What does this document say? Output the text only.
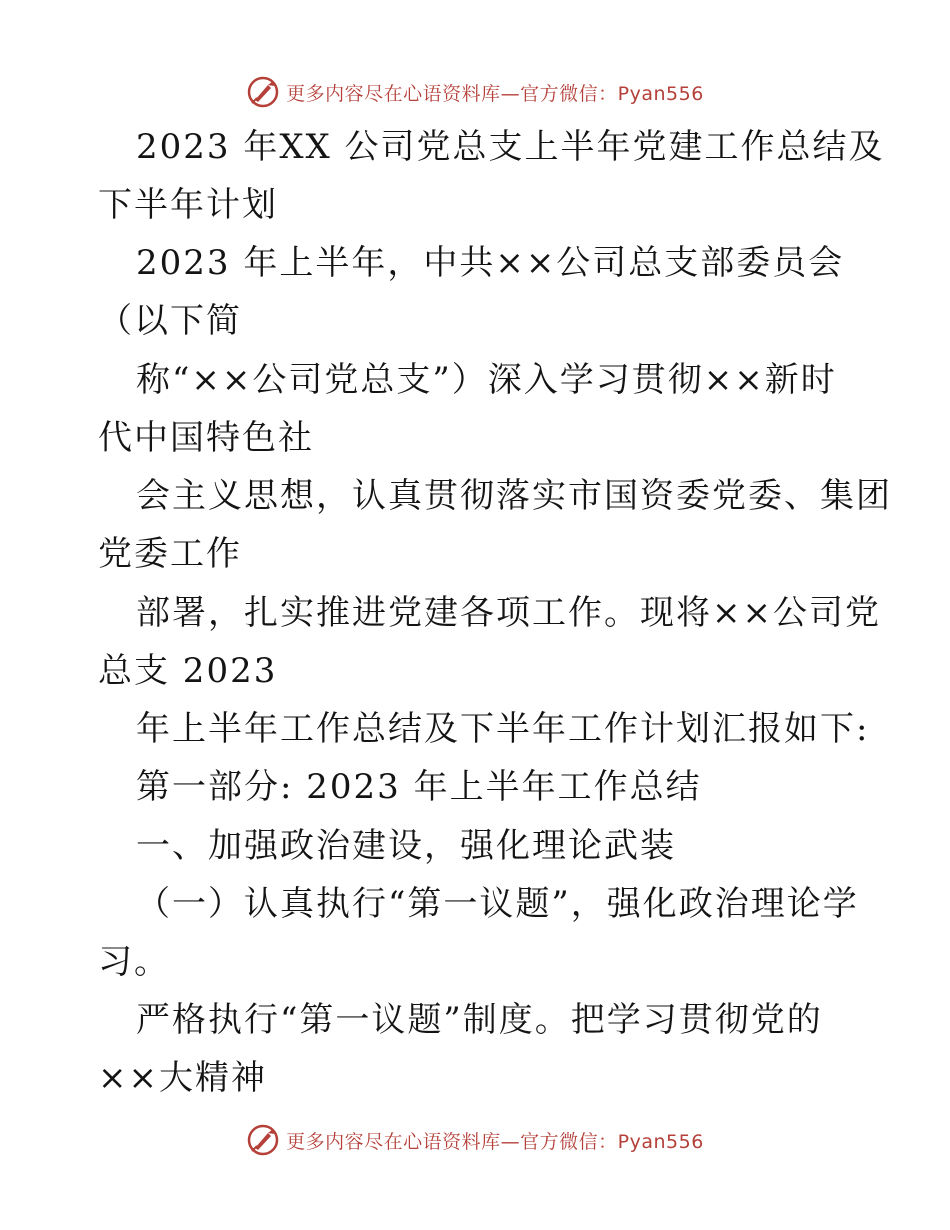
更多内容尽在心语资料库—官方微信：Pyan556
2023 年XX 公司党总支上半年党建工作总结及
下半年计划
2023 年上半年，中共××公司总支部委员会
（以下简
称“××公司党总支”）深入学习贯彻××新时
代中国特色社
会主义思想，认真贯彻落实市国资委党委、集团
党委工作
部署，扎实推进党建各项工作。现将××公司党
总支 2023
年上半年工作总结及下半年工作计划汇报如下:
第一部分: 2023 年上半年工作总结
一、加强政治建设，强化理论武装
（一）认真执行“第一议题”，强化政治理论学
习。
严格执行“第一议题”制度。把学习贯彻党的
××大精神
更多内容尽在心语资料库—官方微信：Pyan556
